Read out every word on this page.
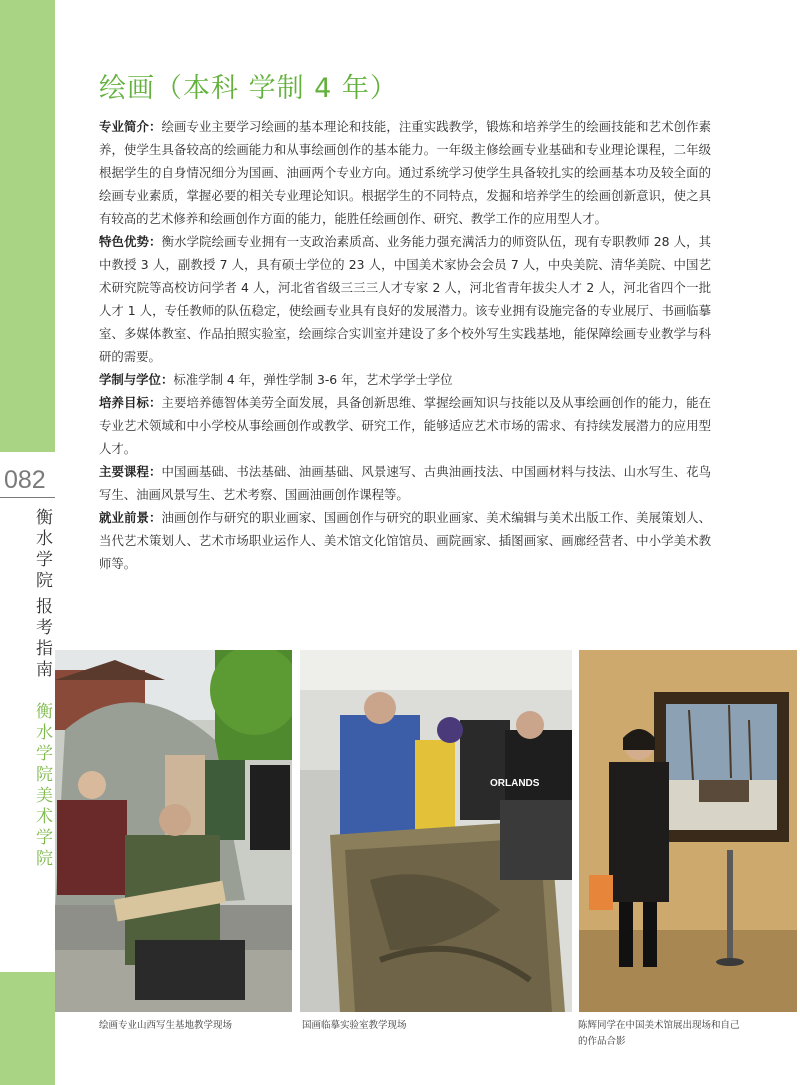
082
衡水学院
报考指南
衡水学院美术学院
绘画（本科 学制 4 年）

专业简介：绘画专业主要学习绘画的基本理论和技能，注重实践教学，锻炼和培养学生的绘画技能和艺术创作素养，使学生具备较高的绘画能力和从事绘画创作的基本能力。一年级主修绘画专业基础和专业理论课程，二年级根据学生的自身情况细分为国画、油画两个专业方向。通过系统学习使学生具备较扎实的绘画基本功及较全面的绘画专业素质，掌握必要的相关专业理论知识。根据学生的不同特点，发掘和培养学生的绘画创新意识，使之具有较高的艺术修养和绘画创作方面的能力，能胜任绘画创作、研究、教学工作的应用型人才。

特色优势：衡水学院绘画专业拥有一支政治素质高、业务能力强充满活力的师资队伍，现有专职教师 28 人，其中教授 3 人，副教授 7 人，具有硕士学位的 23 人，中国美术家协会会员 7 人，中央美院、清华美院、中国艺术研究院等高校访问学者 4 人，河北省省级三三三人才专家 2 人，河北省青年拔尖人才 2 人，河北省四个一批人才 1 人，专任教师的队伍稳定，使绘画专业具有良好的发展潜力。该专业拥有设施完备的专业展厅、书画临摹室、多媒体教室、作品拍照实验室，绘画综合实训室并建设了多个校外写生实践基地，能保障绘画专业教学与科研的需要。

学制与学位：标准学制 4 年，弹性学制 3-6 年，艺术学学士学位

培养目标：主要培养德智体美劳全面发展，具备创新思维、掌握绘画知识与技能以及从事绘画创作的能力，能在专业艺术领域和中小学校从事绘画创作或教学、研究工作，能够适应艺术市场的需求、有持续发展潜力的应用型人才。

主要课程：中国画基础、书法基础、油画基础、风景速写、古典油画技法、中国画材料与技法、山水写生、花鸟写生、油画风景写生、艺术考察、国画油画创作课程等。

就业前景：油画创作与研究的职业画家、国画创作与研究的职业画家、美术编辑与美术出版工作、美展策划人、当代艺术策划人、艺术市场职业运作人、美术馆文化馆馆员、画院画家、插图画家、画廊经营者、中小学美术教师等。

绘画专业山西写生基地教学现场
ORLANDS
国画临摹实验室教学现场	陈辉同学在中国美术馆展出现场和自己的作品合影
